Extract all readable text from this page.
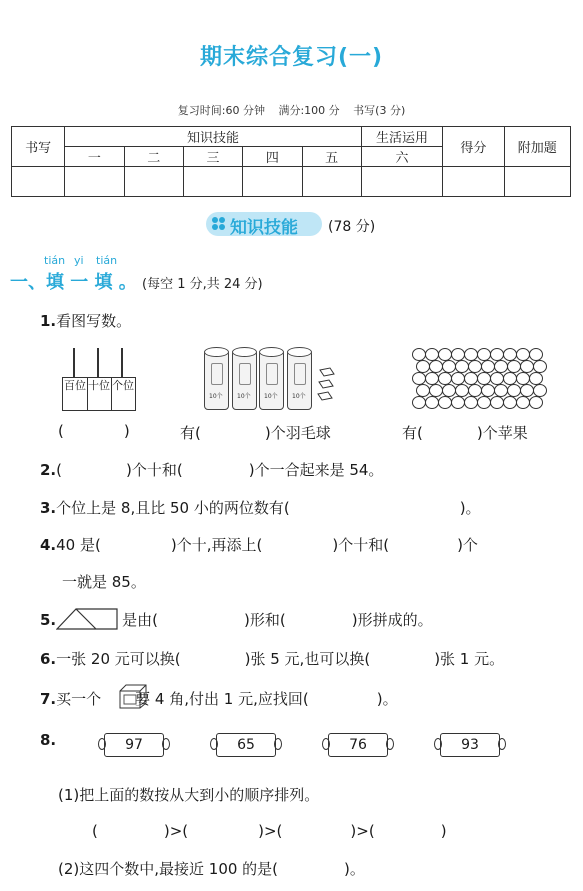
期末综合复习(一)
复习时间:60 分钟 满分:100 分 书写(3 分)
书写	知识技能					生活运用	得分	附加题
	一	二	三	四	五	六		

知识技能 (78 分)
tián yi tián
一、填 一 填 。 (每空 1 分,共 24 分)
1.看图写数。
百位 十位 个位
10个 10个 10个 10个
(	)	有(	)个羽毛球	有(	)个苹果
2.(	)个十和(	)个一合起来是 54。
3.个位上是 8,且比 50 小的两位数有(	)。
4.40 是(	)个十,再添上(	)个十和(	)个
一就是 85。
5.	是由(	)形和(	)形拼成的。
6.一张 20 元可以换(	)张 5 元,也可以换(	)张 1 元。
7.买一个 要 4 角,付出 1 元,应找回(	)。
8.	97	65	76	93
(1)把上面的数按从大到小的顺序排列。
(	)>(	)>(	)>(	)
(2)这四个数中,最接近 100 的是(	)。
